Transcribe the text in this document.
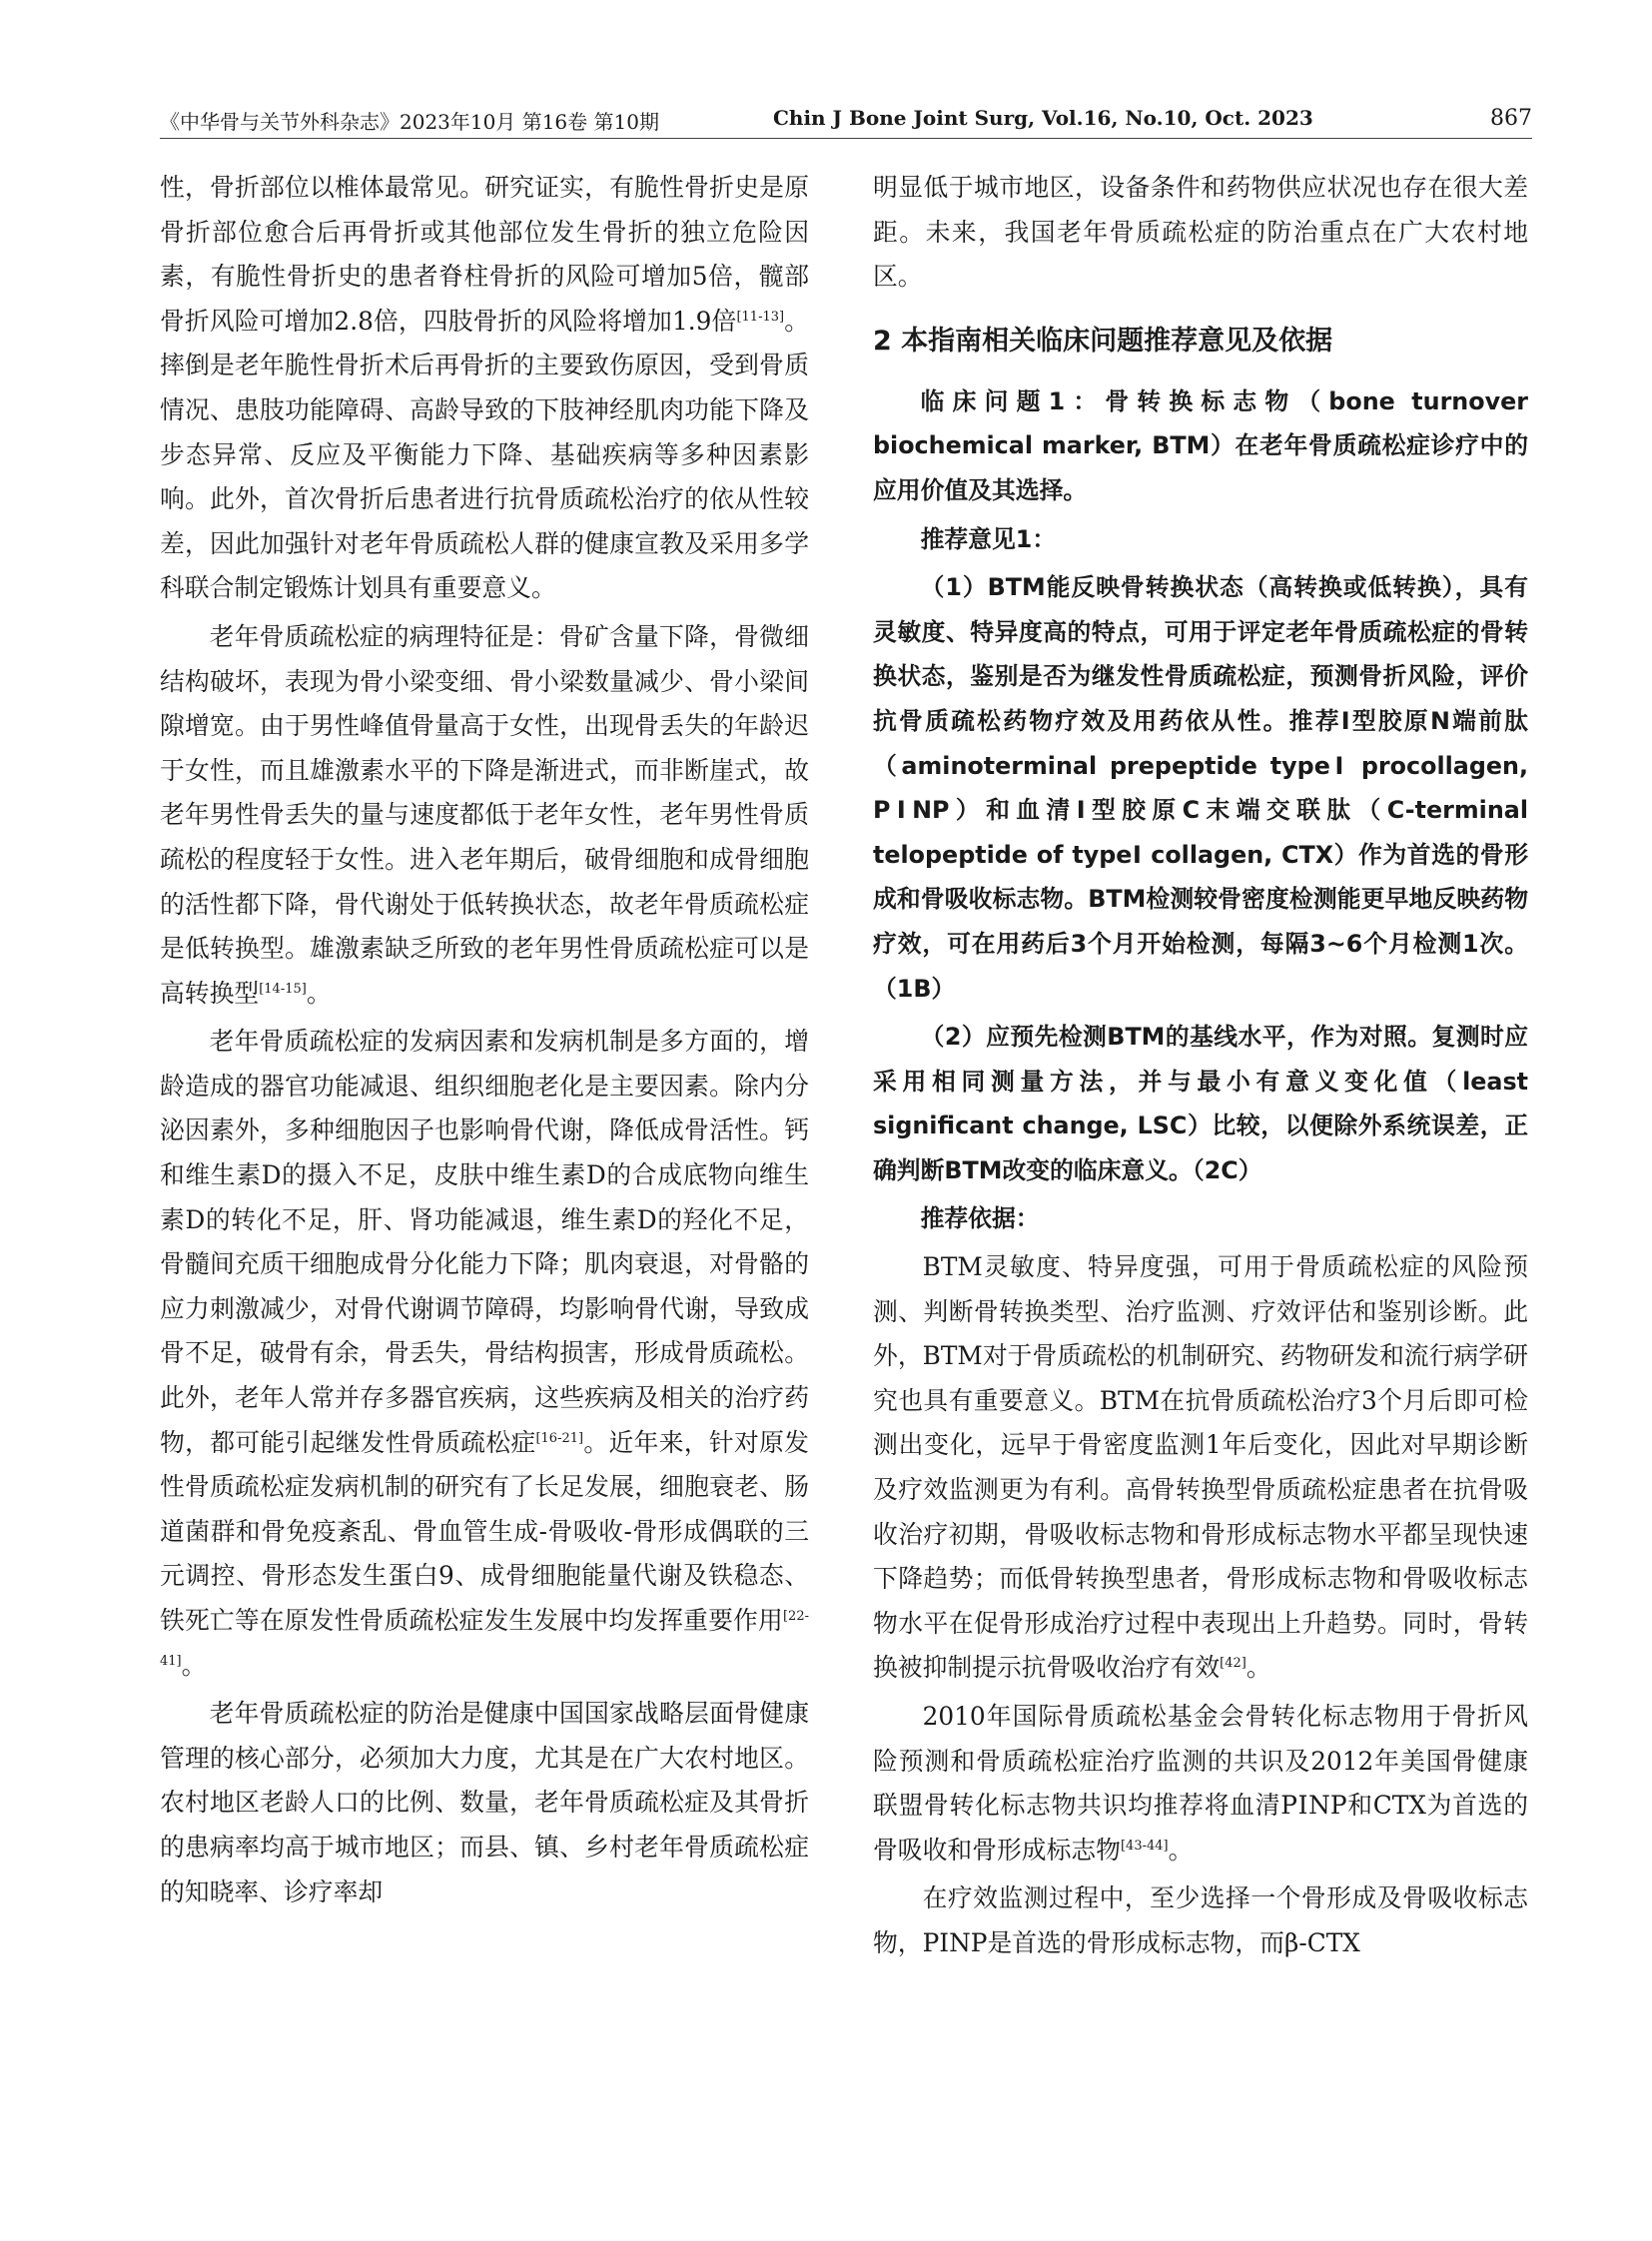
《中华骨与关节外科杂志》2023年10月 第16卷 第10期	Chin J Bone Joint Surg, Vol.16, No.10, Oct. 2023	867

性，骨折部位以椎体最常见。研究证实，有脆性骨折史是原骨折部位愈合后再骨折或其他部位发生骨折的独立危险因素，有脆性骨折史的患者脊柱骨折的风险可增加5倍，髋部骨折风险可增加2.8倍，四肢骨折的风险将增加1.9倍[11-13]。摔倒是老年脆性骨折术后再骨折的主要致伤原因，受到骨质情况、患肢功能障碍、高龄导致的下肢神经肌肉功能下降及步态异常、反应及平衡能力下降、基础疾病等多种因素影响。此外，首次骨折后患者进行抗骨质疏松治疗的依从性较差，因此加强针对老年骨质疏松人群的健康宣教及采用多学科联合制定锻炼计划具有重要意义。

老年骨质疏松症的病理特征是：骨矿含量下降，骨微细结构破坏，表现为骨小梁变细、骨小梁数量减少、骨小梁间隙增宽。由于男性峰值骨量高于女性，出现骨丢失的年龄迟于女性，而且雄激素水平的下降是渐进式，而非断崖式，故老年男性骨丢失的量与速度都低于老年女性，老年男性骨质疏松的程度轻于女性。进入老年期后，破骨细胞和成骨细胞的活性都下降，骨代谢处于低转换状态，故老年骨质疏松症是低转换型。雄激素缺乏所致的老年男性骨质疏松症可以是高转换型[14-15]。

老年骨质疏松症的发病因素和发病机制是多方面的，增龄造成的器官功能减退、组织细胞老化是主要因素。除内分泌因素外，多种细胞因子也影响骨代谢，降低成骨活性。钙和维生素D的摄入不足，皮肤中维生素D的合成底物向维生素D的转化不足，肝、肾功能减退，维生素D的羟化不足，骨髓间充质干细胞成骨分化能力下降；肌肉衰退，对骨骼的应力刺激减少，对骨代谢调节障碍，均影响骨代谢，导致成骨不足，破骨有余，骨丢失，骨结构损害，形成骨质疏松。此外，老年人常并存多器官疾病，这些疾病及相关的治疗药物，都可能引起继发性骨质疏松症[16-21]。近年来，针对原发性骨质疏松症发病机制的研究有了长足发展，细胞衰老、肠道菌群和骨免疫紊乱、骨血管生成-骨吸收-骨形成偶联的三元调控、骨形态发生蛋白9、成骨细胞能量代谢及铁稳态、铁死亡等在原发性骨质疏松症发生发展中均发挥重要作用[22-41]。

老年骨质疏松症的防治是健康中国国家战略层面骨健康管理的核心部分，必须加大力度，尤其是在广大农村地区。农村地区老龄人口的比例、数量，老年骨质疏松症及其骨折的患病率均高于城市地区；而县、镇、乡村老年骨质疏松症的知晓率、诊疗率却

明显低于城市地区，设备条件和药物供应状况也存在很大差距。未来，我国老年骨质疏松症的防治重点在广大农村地区。

2 本指南相关临床问题推荐意见及依据

临床问题1：骨转换标志物（bone turnover biochemical marker, BTM）在老年骨质疏松症诊疗中的应用价值及其选择。

推荐意见1：

（1）BTM能反映骨转换状态（高转换或低转换），具有灵敏度、特异度高的特点，可用于评定老年骨质疏松症的骨转换状态，鉴别是否为继发性骨质疏松症，预测骨折风险，评价抗骨质疏松药物疗效及用药依从性。推荐Ⅰ型胶原N端前肽（aminoterminal prepeptide typeⅠ procollagen, PⅠNP）和血清Ⅰ型胶原C末端交联肽（C-terminal telopeptide of typeⅠ collagen, CTX）作为首选的骨形成和骨吸收标志物。BTM检测较骨密度检测能更早地反映药物疗效，可在用药后3个月开始检测，每隔3~6个月检测1次。（1B）

（2）应预先检测BTM的基线水平，作为对照。复测时应采用相同测量方法，并与最小有意义变化值（least significant change, LSC）比较，以便除外系统误差，正确判断BTM改变的临床意义。（2C）

推荐依据：

BTM灵敏度、特异度强，可用于骨质疏松症的风险预测、判断骨转换类型、治疗监测、疗效评估和鉴别诊断。此外，BTM对于骨质疏松的机制研究、药物研发和流行病学研究也具有重要意义。BTM在抗骨质疏松治疗3个月后即可检测出变化，远早于骨密度监测1年后变化，因此对早期诊断及疗效监测更为有利。高骨转换型骨质疏松症患者在抗骨吸收治疗初期，骨吸收标志物和骨形成标志物水平都呈现快速下降趋势；而低骨转换型患者，骨形成标志物和骨吸收标志物水平在促骨形成治疗过程中表现出上升趋势。同时，骨转换被抑制提示抗骨吸收治疗有效[42]。

2010年国际骨质疏松基金会骨转化标志物用于骨折风险预测和骨质疏松症治疗监测的共识及2012年美国骨健康联盟骨转化标志物共识均推荐将血清PⅠNP和CTX为首选的骨吸收和骨形成标志物[43-44]。

在疗效监测过程中，至少选择一个骨形成及骨吸收标志物，PⅠNP是首选的骨形成标志物，而β-CTX
